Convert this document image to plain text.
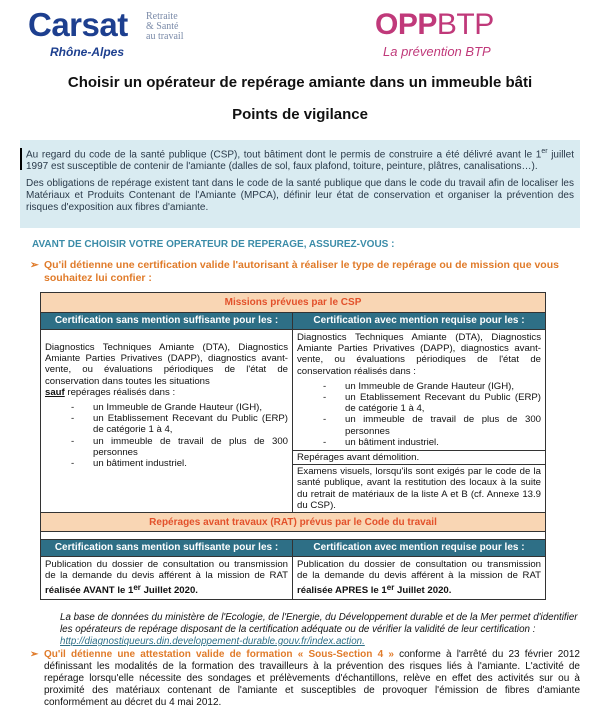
Carsat Retraite
& Santé
au travail
Rhône-Alpes
OPPBTP
La prévention BTP
Choisir un opérateur de repérage amiante dans un immeuble bâti
Points de vigilance

Au regard du code de la santé publique (CSP), tout bâtiment dont le permis de construire a été délivré avant le 1er juillet 1997 est susceptible de contenir de l'amiante (dalles de sol, faux plafond, toiture, peinture, plâtres, canalisations…).

Des obligations de repérage existent tant dans le code de la santé publique que dans le code du travail afin de localiser les Matériaux et Produits Contenant de l'Amiante (MPCA), définir leur état de conservation et organiser la prévention des risques d'exposition aux fibres d'amiante.

AVANT DE CHOISIR VOTRE OPERATEUR DE REPERAGE, ASSUREZ-VOUS :
➢ Qu'il détienne une certification valide l'autorisant à réaliser le type de repérage ou de mission que vous souhaitez lui confier :
Missions prévues par le CSP
Certification sans mention suffisante pour les :	Certification avec mention requise pour les :

Diagnostics Techniques Amiante (DTA), Diagnostics Amiante Parties Privatives (DAPP), diagnostics avant-vente, ou évaluations périodiques de l'état de conservation dans toutes les situations
sauf repérages réalisés dans :

- un Immeuble de Grande Hauteur (IGH),
- un Etablissement Recevant du Public (ERP) de catégorie 1 à 4,
- un immeuble de travail de plus de 300 personnes
- un bâtiment industriel.

Diagnostics Techniques Amiante (DTA), Diagnostics Amiante Parties Privatives (DAPP), diagnostics avant-vente, ou évaluations périodiques de l'état de conservation réalisés dans :

- un Immeuble de Grande Hauteur (IGH),
- un Etablissement Recevant du Public (ERP) de catégorie 1 à 4,
- un immeuble de travail de plus de 300 personnes
- un bâtiment industriel.
Repérages avant démolition.

Examens visuels, lorsqu'ils sont exigés par le code de la santé publique, avant la restitution des locaux à la suite du retrait de matériaux de la liste A et B (cf. Annexe 13.9 du CSP).

Repérages avant travaux (RAT) prévus par le Code du travail
Certification sans mention suffisante pour les :	Certification avec mention requise pour les :

Publication du dossier de consultation ou transmission de la demande du devis afférent à la mission de RAT réalisée AVANT le 1er Juillet 2020.

Publication du dossier de consultation ou transmission de la demande du devis afférent à la mission de RAT réalisée APRES le 1er Juillet 2020.

La base de données du ministère de l'Ecologie, de l'Energie, du Développement durable et de la Mer permet d'identifier les opérateurs de repérage disposant de la certification adéquate ou de vérifier la validité de leur certification : http://diagnostiqueurs.din.developpement-durable.gouv.fr/index.action.
➢ Qu'il détienne une attestation valide de formation « Sous-Section 4 » conforme à l'arrêté du 23 février 2012 définissant les modalités de la formation des travailleurs à la prévention des risques liés à l'amiante. L'activité de repérage lorsqu'elle nécessite des sondages et prélèvements d'échantillons, relève en effet des activités sur ou à proximité des matériaux contenant de l'amiante et susceptibles de provoquer l'émission de fibres d'amiante conformément au décret du 4 mai 2012.
